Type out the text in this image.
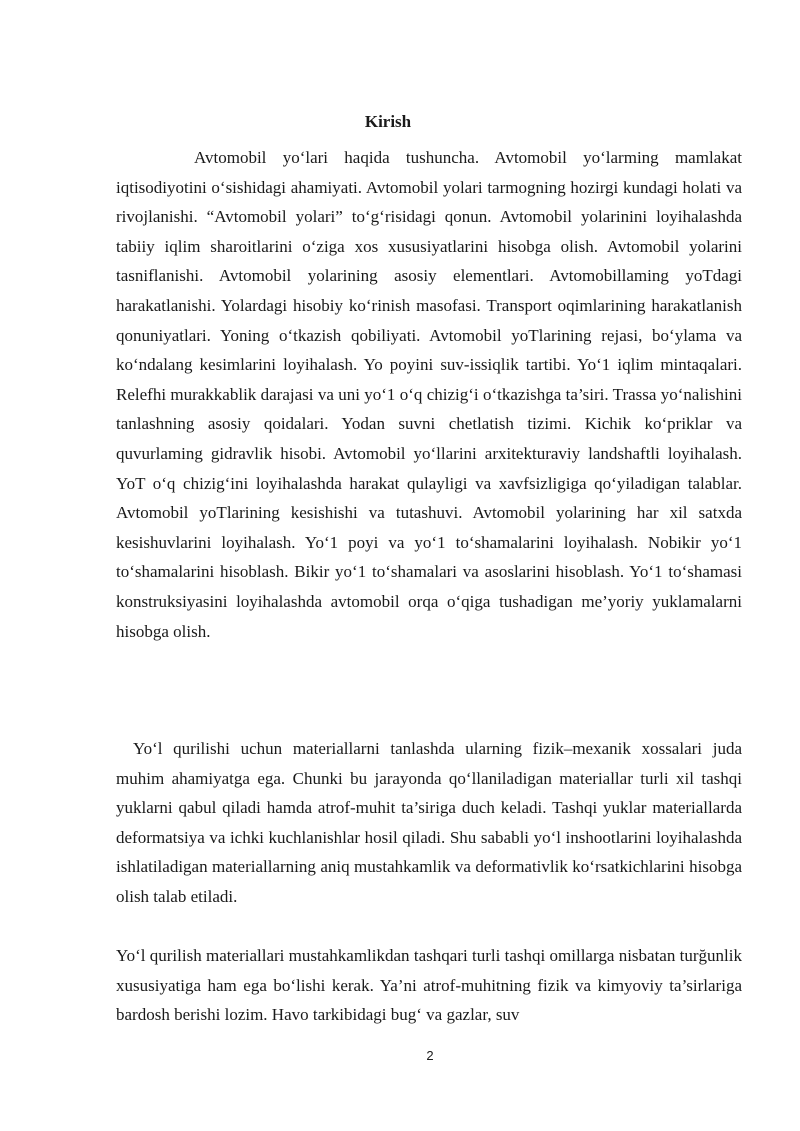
Kirish

Avtomobil yo‘lari haqida tushuncha. Avtomobil yo‘larming mamlakat iqtisodiyotini o‘sishidagi ahamiyati. Avtomobil yolari tarmogning hozirgi kundagi holati va rivojlanishi. “Avtomobil yolari” to‘g‘risidagi qonun. Avtomobil yolarinini loyihalashda tabiiy iqlim sharoitlarini o‘ziga xos xususiyatlarini hisobga olish. Avtomobil yolarini tasniflanishi. Avtomobil yolarining asosiy elementlari. Avtomobillaming yoTdagi harakatlanishi. Yolardagi hisobiy ko‘rinish masofasi. Transport oqimlarining harakatlanish qonuniyatlari. Yoning o‘tkazish qobiliyati. Avtomobil yoTlarining rejasi, bo‘ylama va ko‘ndalang kesimlarini loyihalash. Yo poyini suv-issiqlik tartibi. Yo‘1 iqlim mintaqalari. Relefhi murakkablik darajasi va uni yo‘1 o‘q chizig‘i o‘tkazishga ta’siri. Trassa yo‘nalishini tanlashning asosiy qoidalari. Yodan suvni chetlatish tizimi. Kichik ko‘priklar va quvurlaming gidravlik hisobi. Avtomobil yo‘llarini arxitekturaviy landshaftli loyihalash. YoT o‘q chizig‘ini loyihalashda harakat qulayligi va xavfsizligiga qo‘yiladigan talablar. Avtomobil yoTlarining kesishishi va tutashuvi. Avtomobil yolarining har xil satxda kesishuvlarini loyihalash. Yo‘1 poyi va yo‘1 to‘shamalarini loyihalash. Nobikir yo‘1 to‘shamalarini hisoblash. Bikir yo‘1 to‘shamalari va asoslarini hisoblash. Yo‘1 to‘shamasi konstruksiyasini loyihalashda avtomobil orqa o‘qiga tushadigan me’yoriy yuklamalarni hisobga olish.

Yo‘l qurilishi uchun materiallarni tanlashda ularning fizik–mexanik xossalari juda muhim ahamiyatga ega. Chunki bu jarayonda qo‘llaniladigan materiallar turli xil tashqi yuklarni qabul qiladi hamda atrof-muhit ta’siriga duch keladi. Tashqi yuklar materiallarda deformatsiya va ichki kuchlanishlar hosil qiladi. Shu sababli yo‘l inshootlarini loyihalashda ishlatiladigan materiallarning aniq mustahkamlik va deformativlik ko‘rsatkichlarini hisobga olish talab etiladi.

Yo‘l qurilish materiallari mustahkamlikdan tashqari turli tashqi omillarga nisbatan turğunlik xususiyatiga ham ega bo‘lishi kerak. Ya’ni atrof-muhitning fizik va kimyoviy ta’sirlariga bardosh berishi lozim. Havo tarkibidagi bug‘ va gazlar, suv

2
